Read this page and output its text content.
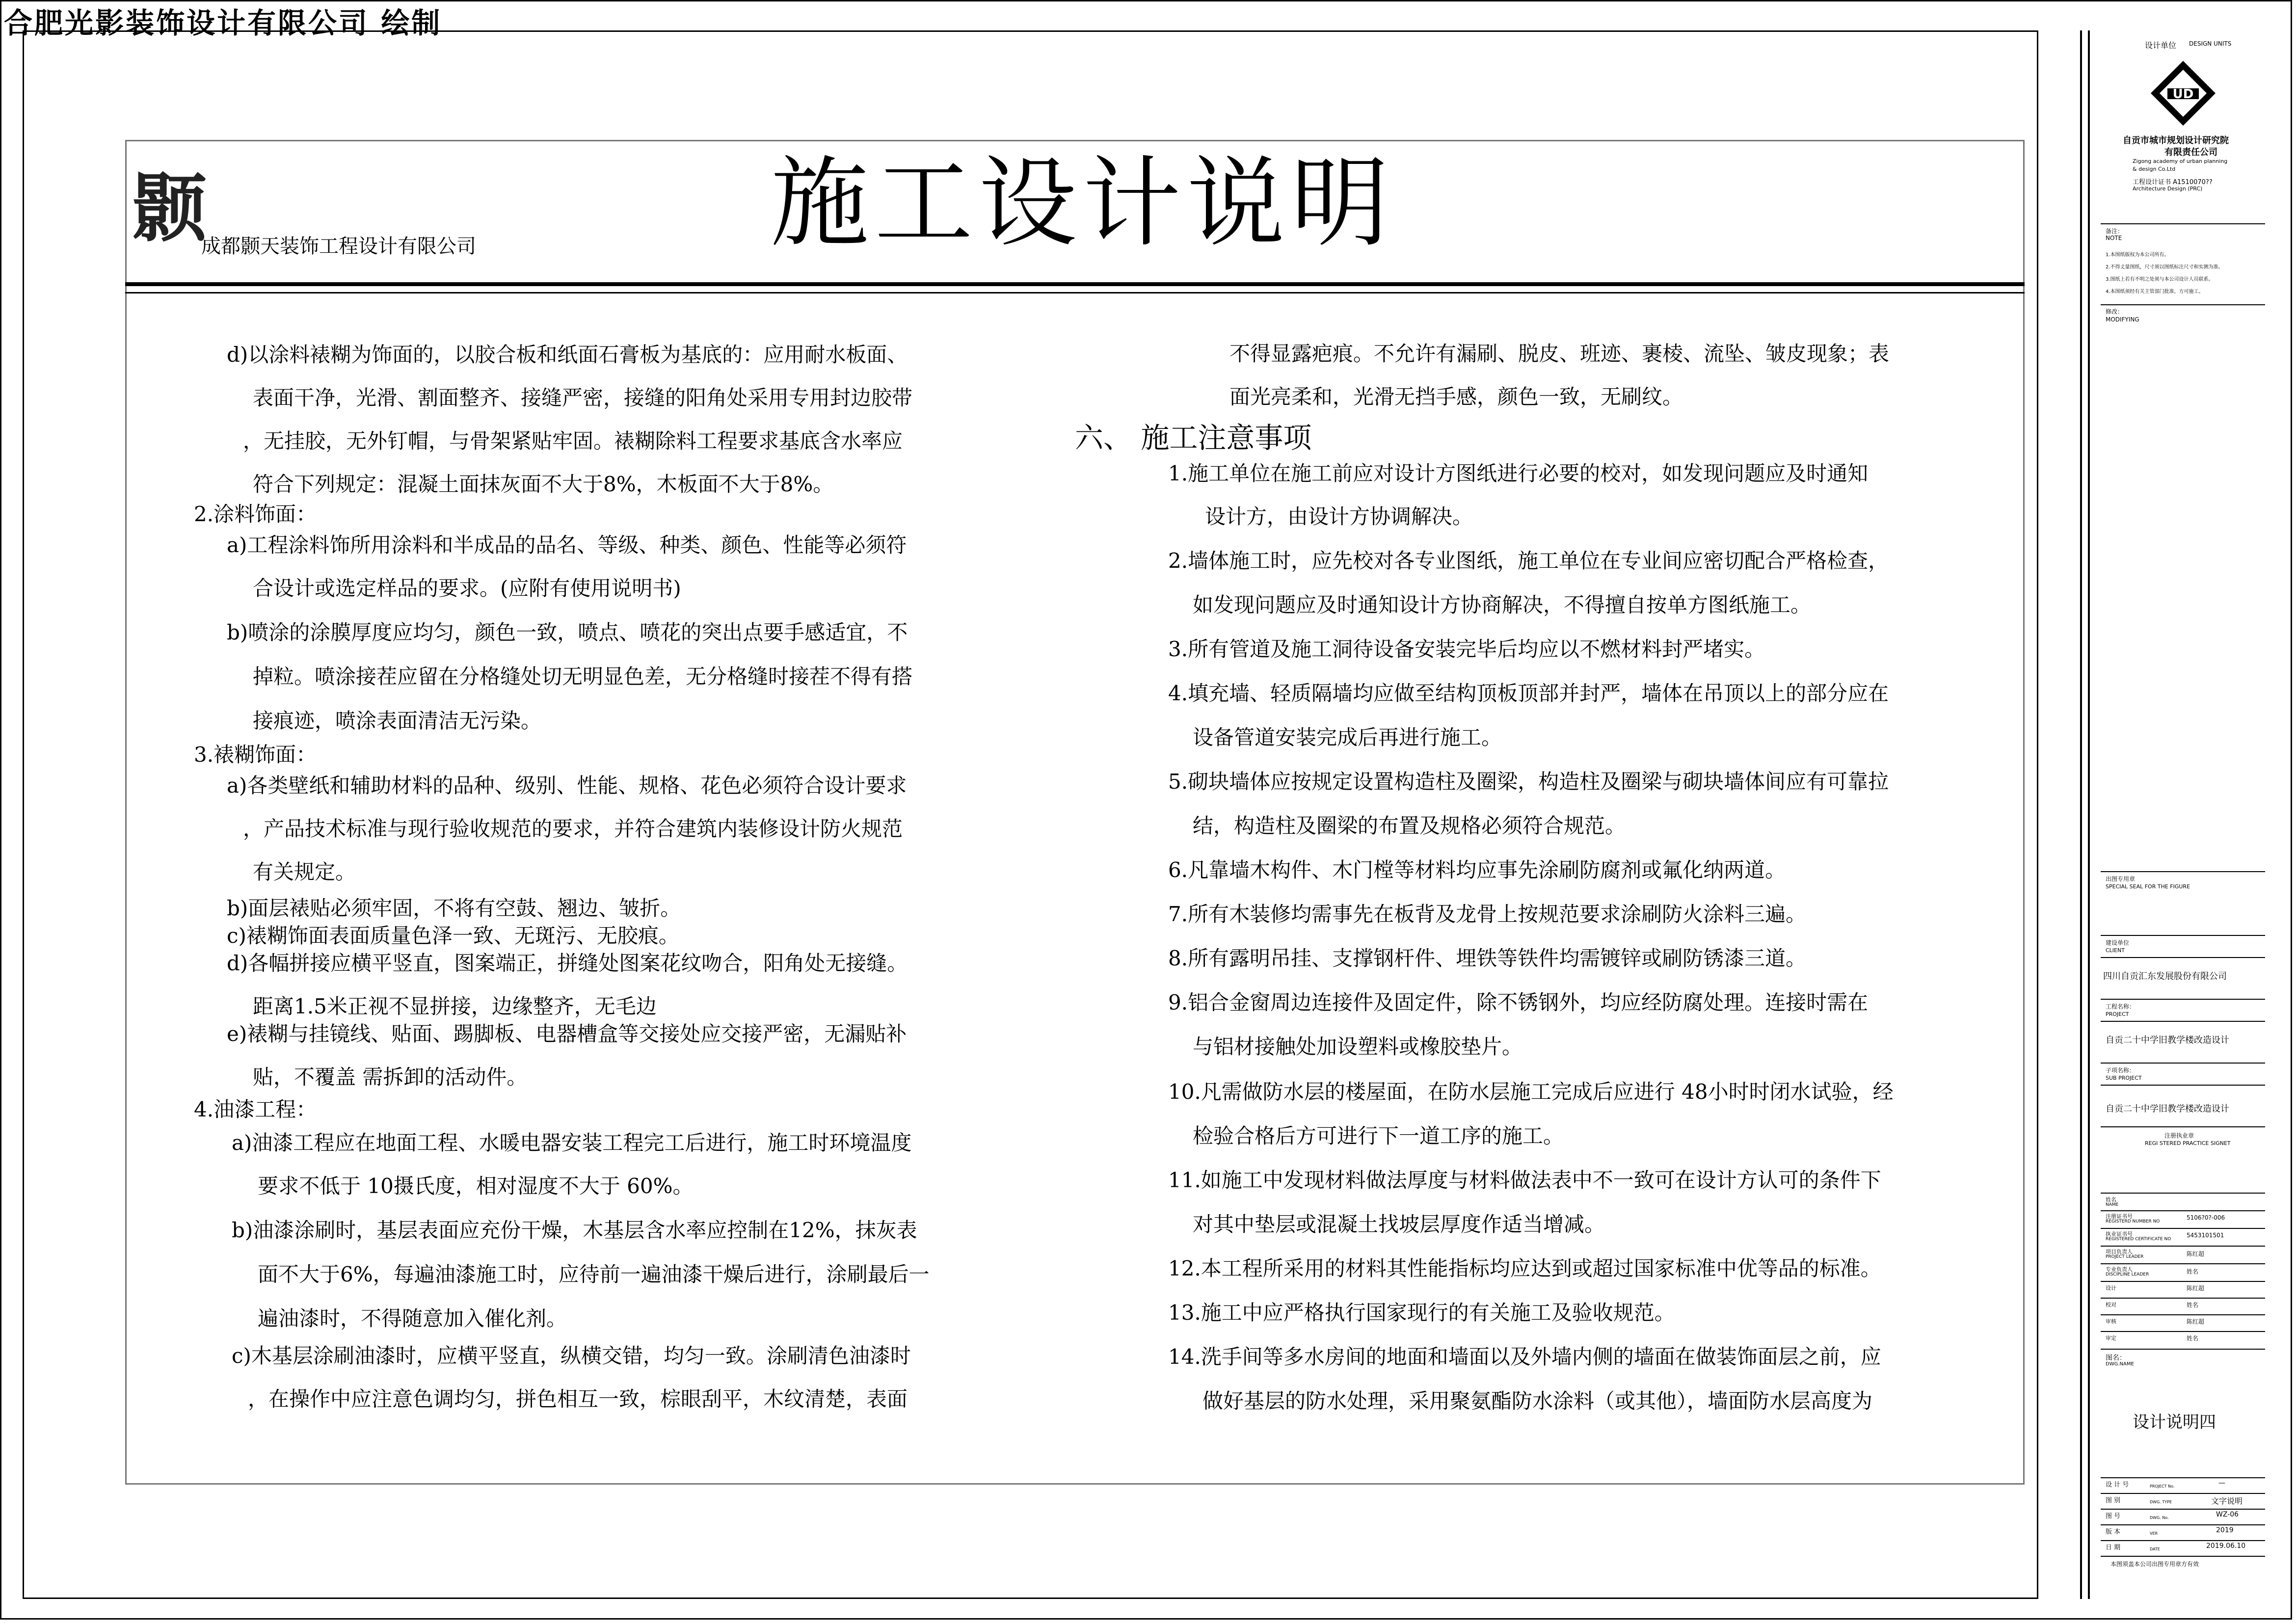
合肥光影装饰设计有限公司 绘制
颢
成都颢天装饰工程设计有限公司	施工设计说明
d)以涂料裱糊为饰面的，以胶合板和纸面石膏板为基底的：应用耐水板面、
表面干净，光滑、割面整齐、接缝严密，接缝的阳角处采用专用封边胶带
，无挂胶，无外钉帽，与骨架紧贴牢固。裱糊除料工程要求基底含水率应
符合下列规定：混凝土面抹灰面不大于8%，木板面不大于8%。
2.涂料饰面：
a)工程涂料饰所用涂料和半成品的品名、等级、种类、颜色、性能等必须符
合设计或选定样品的要求。(应附有使用说明书)
b)喷涂的涂膜厚度应均匀，颜色一致，喷点、喷花的突出点要手感适宜，不
掉粒。喷涂接茬应留在分格缝处切无明显色差，无分格缝时接茬不得有搭
接痕迹，喷涂表面清洁无污染。
3.裱糊饰面：
a)各类壁纸和辅助材料的品种、级别、性能、规格、花色必须符合设计要求
，产品技术标准与现行验收规范的要求，并符合建筑内装修设计防火规范
有关规定。
b)面层裱贴必须牢固，不将有空鼓、翘边、皱折。
c)裱糊饰面表面质量色泽一致、无斑污、无胶痕。
d)各幅拼接应横平竖直，图案端正，拼缝处图案花纹吻合，阳角处无接缝。
距离1.5米正视不显拼接，边缘整齐，无毛边
e)裱糊与挂镜线、贴面、踢脚板、电器槽盒等交接处应交接严密，无漏贴补
贴，不覆盖 需拆卸的活动件。
4.油漆工程：
a)油漆工程应在地面工程、水暖电器安装工程完工后进行，施工时环境温度
要求不低于 10摄氏度，相对湿度不大于 60%。
b)油漆涂刷时，基层表面应充份干燥，木基层含水率应控制在12%，抹灰表
面不大于6%，每遍油漆施工时，应待前一遍油漆干燥后进行，涂刷最后一
遍油漆时，不得随意加入催化剂。
c)木基层涂刷油漆时，应横平竖直，纵横交错，均匀一致。涂刷清色油漆时
，在操作中应注意色调均匀，拼色相互一致，棕眼刮平，木纹清楚，表面
不得显露疤痕。不允许有漏刷、脱皮、班迹、裹棱、流坠、皱皮现象；表
面光亮柔和，光滑无挡手感，颜色一致，无刷纹。
六、 施工注意事项
1.施工单位在施工前应对设计方图纸进行必要的校对，如发现问题应及时通知
设计方，由设计方协调解决。
2.墙体施工时，应先校对各专业图纸，施工单位在专业间应密切配合严格检查，
如发现问题应及时通知设计方协商解决，不得擅自按单方图纸施工。
3.所有管道及施工洞待设备安装完毕后均应以不燃材料封严堵实。
4.填充墙、轻质隔墙均应做至结构顶板顶部并封严，墙体在吊顶以上的部分应在
设备管道安装完成后再进行施工。
5.砌块墙体应按规定设置构造柱及圈梁，构造柱及圈梁与砌块墙体间应有可靠拉
结，构造柱及圈梁的布置及规格必须符合规范。
6.凡靠墙木构件、木门樘等材料均应事先涂刷防腐剂或氟化纳两道。
7.所有木装修均需事先在板背及龙骨上按规范要求涂刷防火涂料三遍。
8.所有露明吊挂、支撑钢杆件、埋铁等铁件均需镀锌或刷防锈漆三道。
9.铝合金窗周边连接件及固定件，除不锈钢外，均应经防腐处理。连接时需在
与铝材接触处加设塑料或橡胶垫片。
10.凡需做防水层的楼屋面，在防水层施工完成后应进行 48小时时闭水试验，经
检验合格后方可进行下一道工序的施工。
11.如施工中发现材料做法厚度与材料做法表中不一致可在设计方认可的条件下
对其中垫层或混凝土找坡层厚度作适当增减。
12.本工程所采用的材料其性能指标均应达到或超过国家标准中优等品的标准。
13.施工中应严格执行国家现行的有关施工及验收规范。
14.洗手间等多水房间的地面和墙面以及外墙内侧的墙面在做装饰面层之前，应
做好基层的防水处理，采用聚氨酯防水涂料（或其他），墙面防水层高度为
设计单位 DESIGN UNITS
UD
自贡市城市规划设计研究院
有限责任公司
Zigong academy of urban planning
& design Co.Ltd
工程设计证书 A1510070??
Architecture Design (PRC)
备注：
NOTE
1.本图纸版权为本公司所有。
2.不得丈量图纸，尺寸须以图纸标注尺寸和实测为准。
3.图纸上若有不明之处须与本公司设计人员联系。
4.本图纸须经有关主管部门批准，方可施工。
修改：
MODIFYING
出图专用章
SPECIAL SEAL FOR THE FIGURE
建设单位
CLIENT
四川自贡汇东发展股份有限公司
工程名称：
PROJECT
自贡二十中学旧教学楼改造设计
子项名称：
SUB PROJECT
自贡二十中学旧教学楼改造设计
注册执业章
REGI STERED PRACTICE SIGNET
姓名
NAME
注册证书号
REGISTERD NUMBER NO
5106?0?-006
执业证书号
REGISTERED CERTIFICATE NO
5453101501
项目负责人
PROJECT LEADER	陈红超
专业负责人
DISCIPLINE LEADER	姓名
设计	陈红超
校对	姓名
审核	陈红超
审定	姓名
图名：
DWG.NAME
设计说明四
设 计 号	PROJECT No.	—
图 别	DWG. TYPE	文字说明
图 号	DWG. No.	WZ-06
版 本	VER	2019
日 期	DATE	2019.06.10
本图须盖本公司出图专用章方有效
